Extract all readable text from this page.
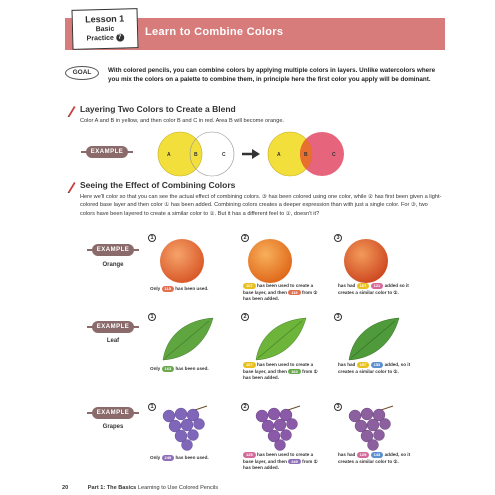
Lesson 1
Basic
Practice 7	Learn to Combine Colors
GOAL	With colored pencils, you can combine colors by applying multiple colors in layers. Unlike watercolors where you mix the colors on a palette to combine them, in principle here the first color you apply will be dominant.
Layering Two Colors to Create a Blend
Color A and B in yellow, and then color B and C in red. Area B will become orange.
EXAMPLE	A	B	C	A	B	C
Seeing the Effect of Combining Colors
Here we'll color so that you can see the actual effect of combining colors. ③ has been colored using one color, while ② has first been given a light-colored base layer and then color ① has been added. Combining colors creates a deeper expression than with just a single color. For ③, two colors have been layered to create a similar color to ①. But it has a different feel to ①, doesn't it?
1	2	3
EXAMPLE
Orange
Only 115 has been used.
107 has been used to create a base layer, and then 115 from ① has been added.
has had 107 121 added so it creates a similar color to ①.
1	2	3
EXAMPLE
Leaf
Only 163 has been used.
107 has been used to create a base layer, and then 163 from ① has been added.
has had 107 153 added, so it creates a similar color to ①.
1	2	3
EXAMPLE
Grapes
Only 249 has been used.
125 has been used to create a base layer, and then 249 from ① has been added.
has had 125 143 added, so it creates a similar color to ①.
20	Part 1: The Basics Learning to Use Colored Pencils
